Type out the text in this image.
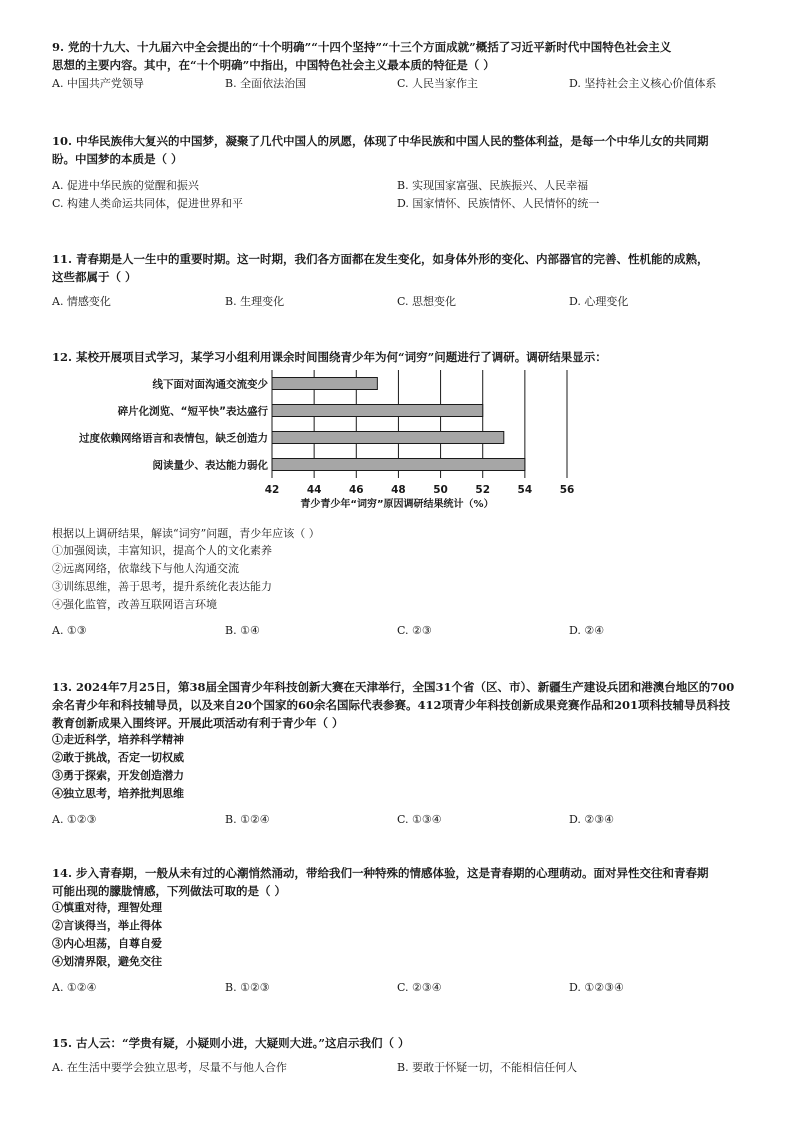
9. 党的十九大、十九届六中全会提出的“十个明确”“十四个坚持”“十三个方面成就”概括了习近平新时代中国特色社会主义
思想的主要内容。其中，在“十个明确”中指出，中国特色社会主义最本质的特征是（ ）
A. 中国共产党领导	B. 全面依法治国	C. 人民当家作主	D. 坚持社会主义核心价值体系
10. 中华民族伟大复兴的中国梦，凝聚了几代中国人的夙愿，体现了中华民族和中国人民的整体利益，是每一个中华儿女的共同期
盼。中国梦的本质是（ ）
A. 促进中华民族的觉醒和振兴	B. 实现国家富强、民族振兴、人民幸福
C. 构建人类命运共同体，促进世界和平	D. 国家情怀、民族情怀、人民情怀的统一
11. 青春期是人一生中的重要时期。这一时期，我们各方面都在发生变化，如身体外形的变化、内部器官的完善、性机能的成熟，
这些都属于（ ）
A. 情感变化	B. 生理变化	C. 思想变化	D. 心理变化
12. 某校开展项目式学习，某学习小组利用课余时间围绕青少年为何“词穷”问题进行了调研。调研结果显示：
线下面对面沟通交流变少
碎片化浏览、“短平快”表达盛行
过度依赖网络语言和表情包，缺乏创造力
阅读量少、表达能力弱化
42	44	46	48	50	52	54	56
青少青少年“词穷”原因调研结果统计（%）
根据以上调研结果，解读“词穷”问题，青少年应该（ ）
①加强阅读，丰富知识，提高个人的文化素养
②远离网络，依靠线下与他人沟通交流
③训练思维，善于思考，提升系统化表达能力
④强化监管，改善互联网语言环境
A. ①③	B. ①④	C. ②③	D. ②④
13. 2024年7月25日，第38届全国青少年科技创新大赛在天津举行，全国31个省（区、市）、新疆生产建设兵团和港澳台地区的700
余名青少年和科技辅导员，以及来自20个国家的60余名国际代表参赛。412项青少年科技创新成果竞赛作品和201项科技辅导员科技
教育创新成果入围终评。开展此项活动有利于青少年（ ）
①走近科学，培养科学精神
②敢于挑战，否定一切权威
③勇于探索，开发创造潜力
④独立思考，培养批判思维
A. ①②③	B. ①②④	C. ①③④	D. ②③④
14. 步入青春期，一般从未有过的心潮悄然涌动，带给我们一种特殊的情感体验，这是青春期的心理萌动。面对异性交往和青春期
可能出现的朦胧情感，下列做法可取的是（ ）
①慎重对待，理智处理
②言谈得当，举止得体
③内心坦荡，自尊自爱
④划清界限，避免交往
A. ①②④	B. ①②③	C. ②③④	D. ①②③④
15. 古人云：“学贵有疑，小疑则小进，大疑则大进。”这启示我们（ ）
A. 在生活中要学会独立思考，尽量不与他人合作	B. 要敢于怀疑一切，不能相信任何人
